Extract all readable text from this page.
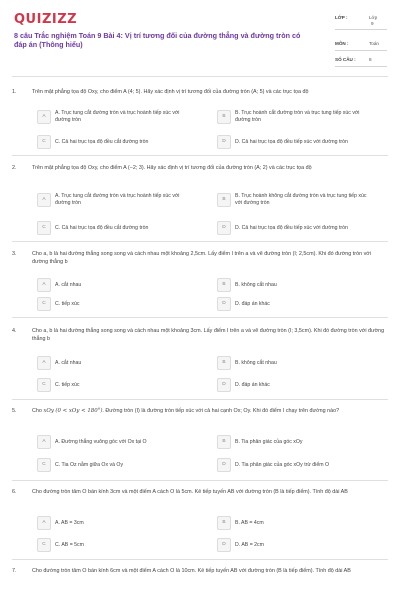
QUIZIZZ
8 câu Trắc nghiệm Toán 9 Bài 4: Vị trí tương đối của đường thẳng và đường tròn có đáp án (Thông hiểu)
LỚP :	Lớp
9
MÔN :	Toán
SỐ CÂU :	8
1.	Trên mặt phẳng tọa độ Oxy, cho điểm A (4; 5). Hãy xác định vị trí tương đối của đường tròn (A; 5) và các trục tọa độ
A
A. Trục tung cắt đường tròn và trục hoành tiếp xúc với đường tròn
B
B. Trục hoành cắt đường tròn và trục tung tiếp xúc với đường tròn
C	C. Cả hai trục tọa độ đều cắt đường tròn	D	D. Cả hai trục tọa độ đều tiếp xúc với đường tròn
2.	Trên mặt phẳng tọa độ Oxy, cho điểm A (−2; 3). Hãy xác định vị trí tương đối của đường tròn (A; 2) và các trục tọa độ
A
A. Trục tung cắt đường tròn và trục hoành tiếp xúc với đường tròn
B
B. Trục hoành không cắt đường tròn và trục tung tiếp xúc với đường tròn
C	C. Cả hai trục tọa độ đều cắt đường tròn	D	D. Cả hai trục tọa độ đều tiếp xúc với đường tròn
3.	Cho a, b là hai đường thẳng song song và cách nhau một khoảng 2,5cm. Lấy điểm I trên a và vẽ đường tròn (I; 2,5cm). Khi đó đường tròn với đường thẳng b
A	A. cắt nhau	B	B. không cắt nhau
C	C. tiếp xúc	D	D. đáp án khác
4.	Cho a, b là hai đường thẳng song song và cách nhau một khoảng 3cm. Lấy điểm I trên a và vẽ đường tròn (I; 3,5cm). Khi đó đường tròn với đường thẳng b
A	A. cắt nhau	B	B. không cắt nhau
C	C. tiếp xúc	D	D. đáp án khác
5.	Cho xOy (0 < xOy < 180°). Đường tròn (I) là đường tròn tiếp xúc với cả hai cạnh Ox; Oy. Khi đó điểm I chạy trên đường nào?
A	A. Đường thẳng vuông góc với Ox tại O	B	B. Tia phân giác của góc xOy
C	C. Tia Oz nằm giữa Ox và Oy	D	D. Tia phân giác của góc xOy trừ điểm O
6.	Cho đường tròn tâm O bán kính 3cm và một điểm A cách O là 5cm. Kẻ tiếp tuyến AB với đường tròn (B là tiếp điểm). Tính độ dài AB
A	A. AB = 3cm	B	B. AB = 4cm
C	C. AB = 5cm	D	D. AB = 2cm
7.	Cho đường tròn tâm O bán kính 6cm và một điểm A cách O là 10cm. Kẻ tiếp tuyến AB với đường tròn (B là tiếp điểm). Tính độ dài AB
